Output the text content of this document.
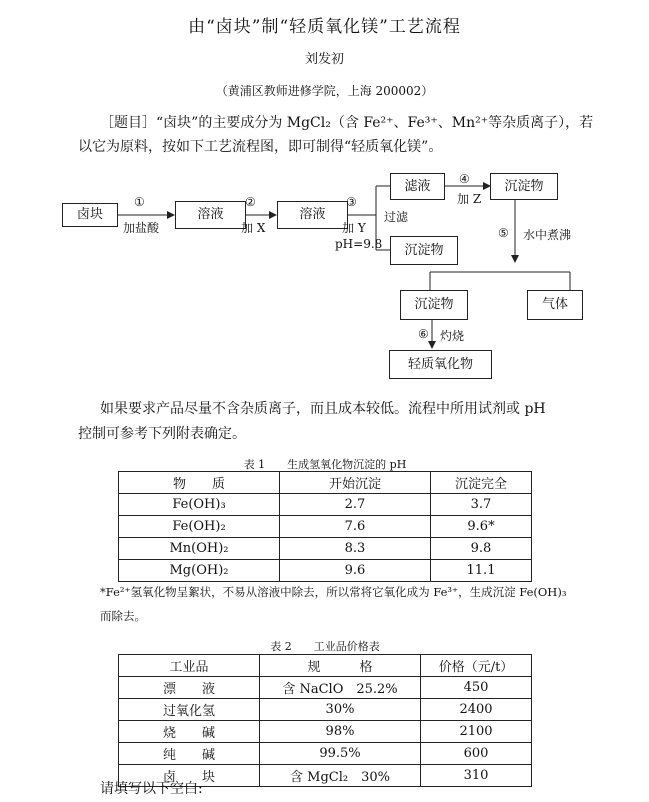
由“卤块”制“轻质氧化镁”工艺流程
刘发初
（黄浦区教师进修学院，上海 200002）
［题目］“卤块”的主要成分为 MgCl₂（含 Fe²⁺、Fe³⁺、Mn²⁺等杂质离子），若
以它为原料，按如下工艺流程图，即可制得“轻质氧化镁”。
卤块	溶液	溶液
滤液	沉淀物
沉淀物
沉淀物	气体
轻质氧化物
①
加盐酸
②
加 X
③
加 Y
pH=9.8
过滤
④
加 Z
⑤ 水中煮沸
⑥ 灼烧
如果要求产品尽量不含杂质离子，而且成本较低。流程中所用试剂或 pH
控制可参考下列附表确定。
表 1　　生成氢氧化物沉淀的 pH
物　　质	开始沉淀	沉淀完全
Fe(OH)₃	2.7	3.7
Fe(OH)₂	7.6	9.6*
Mn(OH)₂	8.3	9.8
Mg(OH)₂	9.6	11.1
*Fe²⁺氢氧化物呈絮状，不易从溶液中除去，所以常将它氧化成为 Fe³⁺，生成沉淀 Fe(OH)₃
而除去。
表 2　　工业品价格表
工业品	规　　　格	价格（元/t）
漂　　液	含 NaClO　25.2%	450
过氧化氢	30%	2400
烧　　碱	98%	2100
纯　　碱	99.5%	600
卤　　块	含 MgCl₂　30%	310
请填写以下空白:
